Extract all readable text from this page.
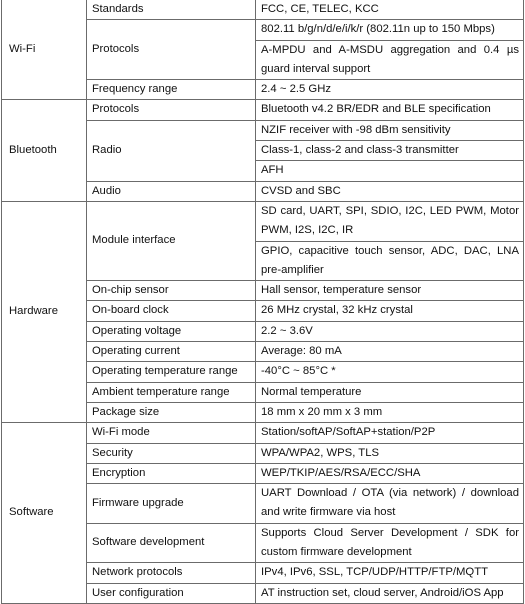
Wi-Fi	Standards	FCC, CE, TELEC, KCC
	Protocols	802.11 b/g/n/d/e/i/k/r (802.11n up to 150 Mbps)
		A-MPDU and A-MSDU aggregation and 0.4 µs guard interval support

	Frequency range	2.4 ~ 2.5 GHz
Bluetooth	Protocols	Bluetooth v4.2 BR/EDR and BLE specification
	Radio	NZIF receiver with -98 dBm sensitivity
		Class-1, class-2 and class-3 transmitter
		AFH
	Audio	CVSD and SBC
Hardware	Module interface	SD card, UART, SPI, SDIO, I2C, LED PWM, Motor PWM, I2S, I2C, IR

		GPIO, capacitive touch sensor, ADC, DAC, LNA pre-amplifier

	On-chip sensor	Hall sensor, temperature sensor
	On-board clock	26 MHz crystal, 32 kHz crystal
	Operating voltage	2.2 ~ 3.6V
	Operating current	Average: 80 mA
	Operating temperature range	-40°C ~ 85°C *
	Ambient temperature range	Normal temperature
	Package size	18 mm x 20 mm x 3 mm
Software	Wi-Fi mode	Station/softAP/SoftAP+station/P2P
	Security	WPA/WPA2, WPS, TLS
	Encryption	WEP/TKIP/AES/RSA/ECC/SHA
	Firmware upgrade	UART Download / OTA (via network) / download and write firmware via host

	Software development	Supports Cloud Server Development / SDK for custom firmware development

	Network protocols	IPv4, IPv6, SSL, TCP/UDP/HTTP/FTP/MQTT
	User configuration	AT instruction set, cloud server, Android/iOS App
